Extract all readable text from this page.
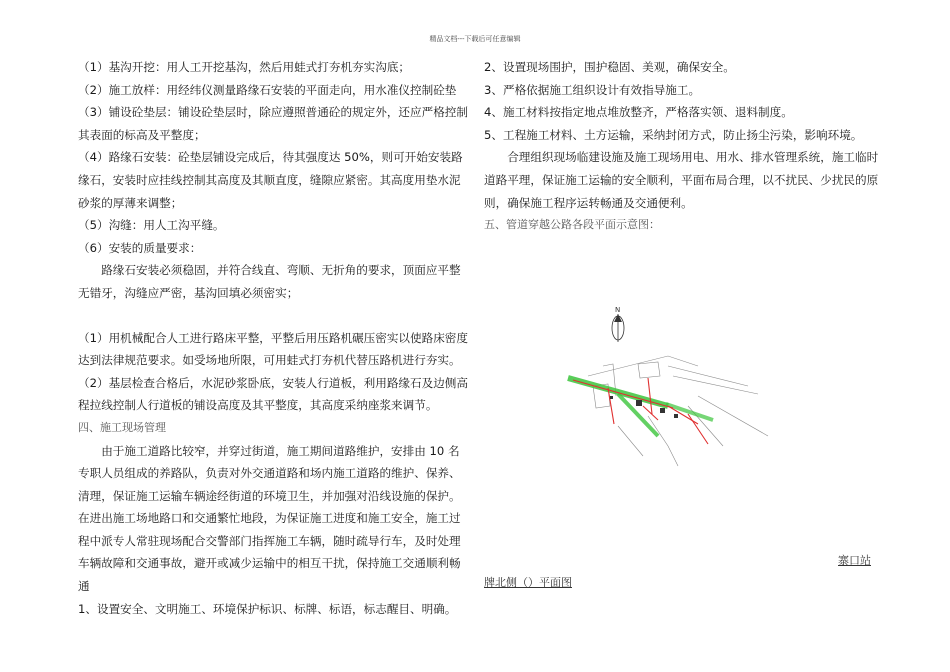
精品文档---下载后可任意编辑

（1）基沟开挖：用人工开挖基沟，然后用蛙式打夯机夯实沟底；

（2）施工放样：用经纬仪测量路缘石安装的平面走向，用水准仪控制砼垫

（3）铺设砼垫层：铺设砼垫层时，除应遵照普通砼的规定外，还应严格控制其表面的标高及平整度；

（4）路缘石安装：砼垫层铺设完成后，待其强度达 50%，则可开始安装路缘石，安装时应挂线控制其高度及其顺直度，缝隙应紧密。其高度用垫水泥砂浆的厚薄来调整；

（5）沟缝：用人工沟平缝。

（6）安装的质量要求：

路缘石安装必须稳固，并符合线直、弯顺、无折角的要求，顶面应平整无错牙，沟缝应严密，基沟回填必须密实；

（1）用机械配合人工进行路床平整，平整后用压路机碾压密实以使路床密度达到法律规范要求。如受场地所限，可用蛙式打夯机代替压路机进行夯实。

（2）基层检查合格后，水泥砂浆卧底，安装人行道板，利用路缘石及边侧高程拉线控制人行道板的铺设高度及其平整度，其高度采纳座浆来调节。

四、施工现场管理

由于施工道路比较窄，并穿过街道，施工期间道路维护，安排由 10 名专职人员组成的养路队，负责对外交通道路和场内施工道路的维护、保养、清理，保证施工运输车辆途经街道的环境卫生，并加强对沿线设施的保护。在进出施工场地路口和交通繁忙地段，为保证施工进度和施工安全，施工过程中派专人常驻现场配合交警部门指挥施工车辆，随时疏导行车，及时处理车辆故障和交通事故，避开或减少运输中的相互干扰，保持施工交通顺利畅通

1、设置安全、文明施工、环境保护标识、标牌、标语，标志醒目、明确。

2、设置现场围护，围护稳固、美观，确保安全。

3、严格依据施工组织设计有效指导施工。

4、施工材料按指定地点堆放整齐，严格落实领、退料制度。

5、工程施工材料、土方运输，采纳封闭方式，防止扬尘污染，影响环境。

合理组织现场临建设施及施工现场用电、用水、排水管理系统，施工临时道路平理，保证施工运输的安全顺利，平面布局合理，以不扰民、少扰民的原则，确保施工程序运转畅通及交通便利。

五、管道穿越公路各段平面示意图：

N
寨口站
牌北侧（）平面图
